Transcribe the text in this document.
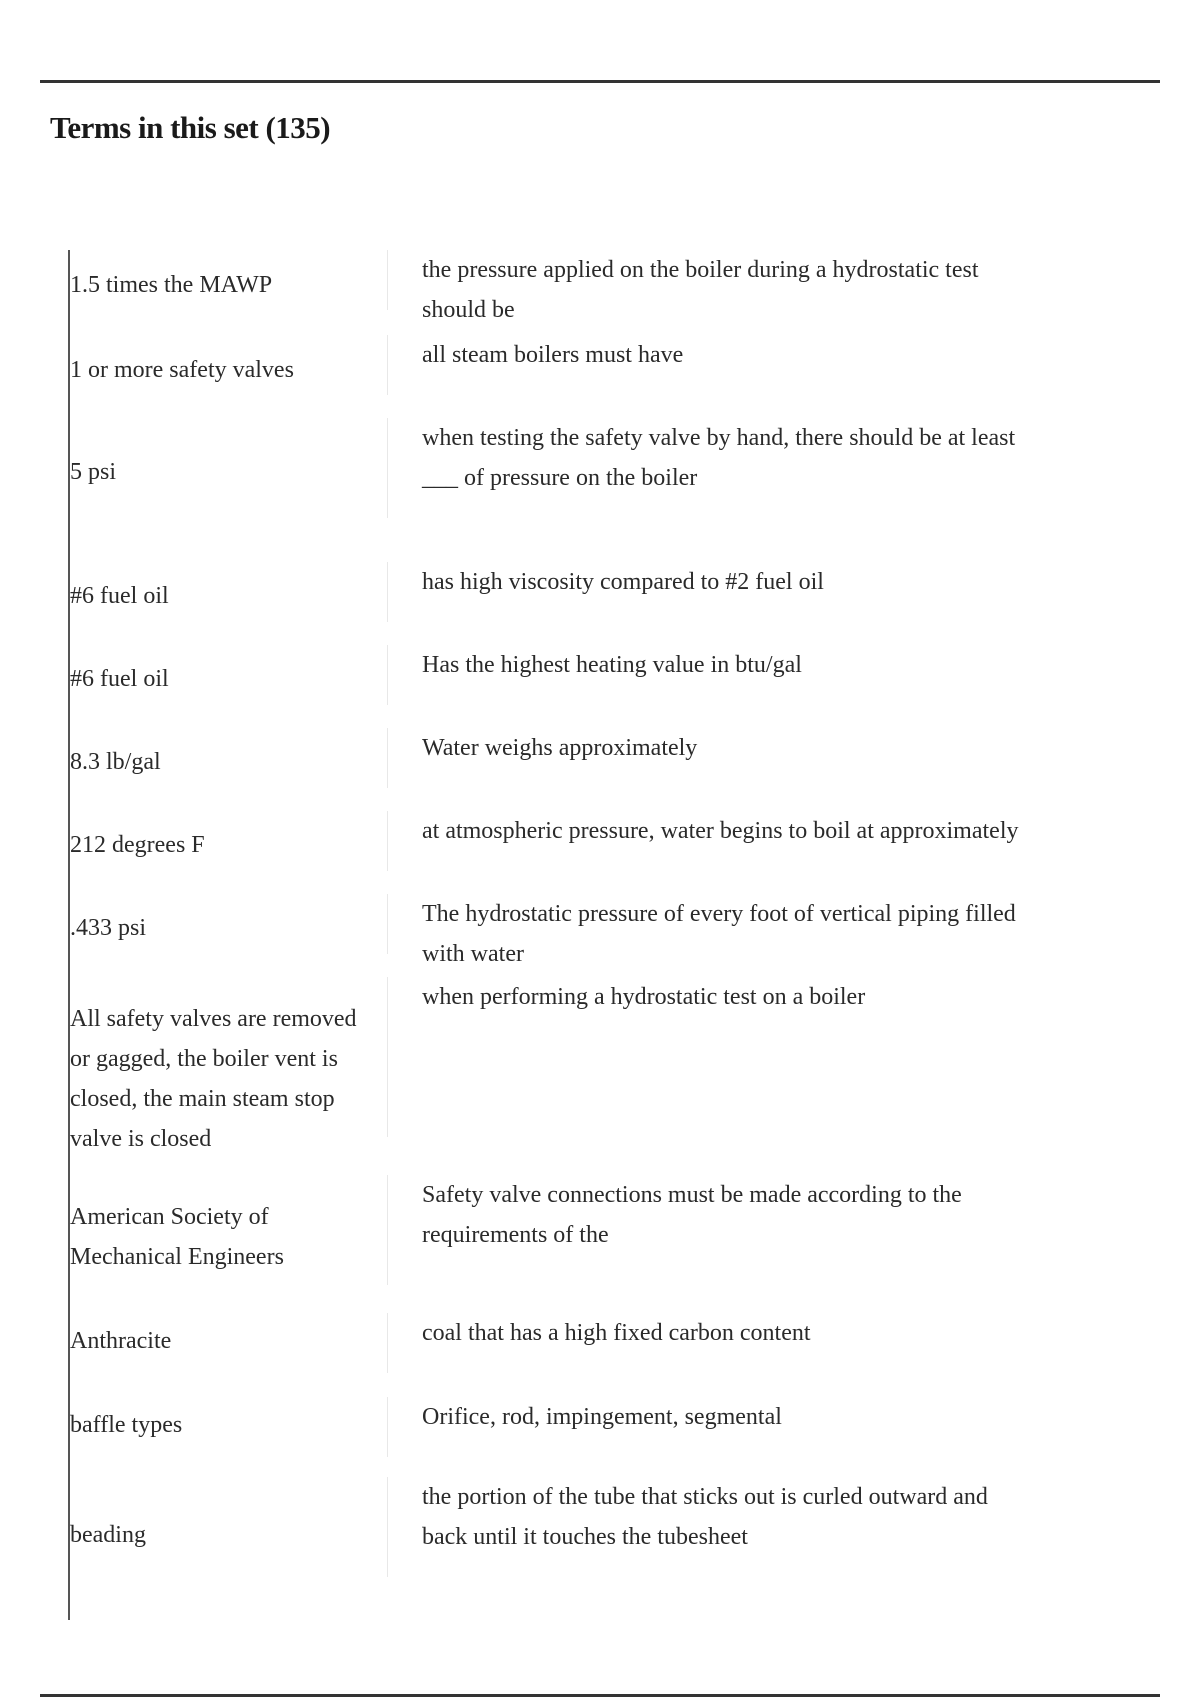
Terms in this set (135)
1.5 times the MAWP
the pressure applied on the boiler during a hydrostatic test should be
1 or more safety valves
all steam boilers must have
5 psi
when testing the safety valve by hand, there should be at least ___ of pressure on the boiler
#6 fuel oil
has high viscosity compared to #2 fuel oil
#6 fuel oil
Has the highest heating value in btu/gal
8.3 lb/gal
Water weighs approximately
212 degrees F
at atmospheric pressure, water begins to boil at approximately
.433 psi
The hydrostatic pressure of every foot of vertical piping filled with water
All safety valves are removed or gagged, the boiler vent is closed, the main steam stop valve is closed
when performing a hydrostatic test on a boiler
American Society of Mechanical Engineers
Safety valve connections must be made according to the requirements of the
Anthracite	coal that has a high fixed carbon content
baffle types	Orifice, rod, impingement, segmental
beading
the portion of the tube that sticks out is curled outward and back until it touches the tubesheet
